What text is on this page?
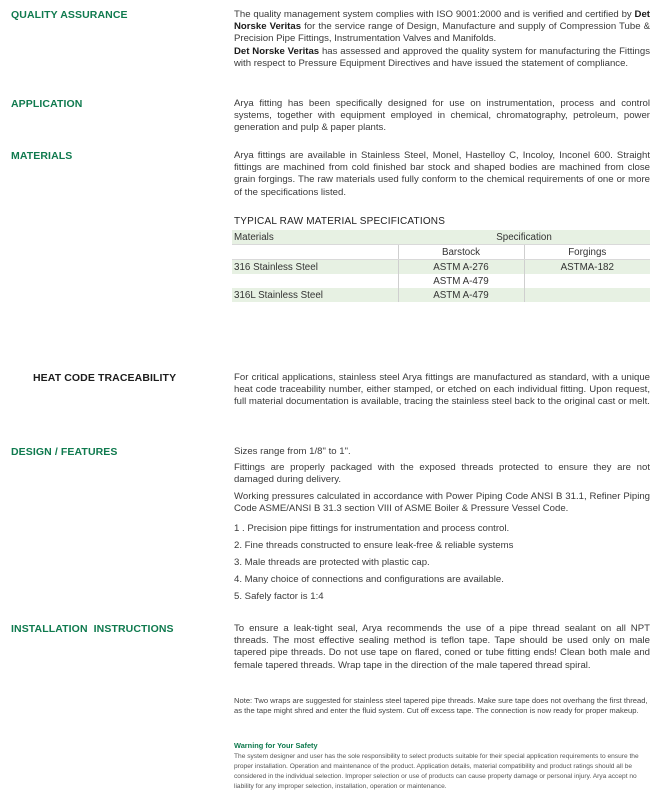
QUALITY ASSURANCE	The quality management system complies with ISO 9001:2000 and is verified and certified by Det Norske Veritas for the service range of Design, Manufacture and supply of Compression Tube & Precision Pipe Fittings, Instrumentation Valves and Manifolds.
Det Norske Veritas has assessed and approved the quality system for manufacturing the Fittings with respect to Pressure Equipment Directives and have issued the statement of compliance.
APPLICATION	Arya fitting has been specifically designed for use on instrumentation, process and control systems, together with equipment employed in chemical, chromatography, petroleum, power generation and pulp & paper plants.
MATERIALS	Arya fittings are available in Stainless Steel, Monel, Hastelloy C, Incoloy, Inconel 600. Straight fittings are machined from cold finished bar stock and shaped bodies are machined from close grain forgings. The raw materials used fully conform to the chemical requirements of one or more of the specifications listed.
TYPICAL RAW MATERIAL SPECIFICATIONS
Materials	Specification	
	Barstock	Forgings
316 Stainless Steel	ASTM A-276	ASTMA-182
	ASTM A-479	
316L Stainless Steel	ASTM A-479	
HEAT CODE TRACEABILITY	For critical applications, stainless steel Arya fittings are manufactured as standard, with a unique heat code traceability number, either stamped, or etched on each individual fitting. Upon request, full material documentation is available, tracing the stainless steel back to the original cast or melt.
DESIGN / FEATURES	Sizes range from 1/8" to 1".
Fittings are properly packaged with the exposed threads protected to ensure they are not damaged during delivery.
Working pressures calculated in accordance with Power Piping Code ANSI B 31.1, Refiner Piping Code ASME/ANSI B 31.3 section VIII of ASME Boiler & Pressure Vessel Code.
1 . Precision pipe fittings for instrumentation and process control.
2. Fine threads constructed to ensure leak-free & reliable systems
3. Male threads are protected with plastic cap.
4. Many choice of connections and configurations are available.
5. Safely factor is 1:4
INSTALLATION  INSTRUCTIONS	To ensure a leak-tight seal, Arya recommends the use of a pipe thread sealant on all NPT threads. The most effective sealing method is teflon tape. Tape should be used only on male tapered pipe threads. Do not use tape on flared, coned or tube fitting ends! Clean both male and female tapered threads. Wrap tape in the direction of the male tapered thread spiral.
Note: Two wraps are suggested for stainless steel tapered pipe threads. Make sure tape does not overhang the first thread, as the tape might shred and enter the fluid system. Cut off excess tape. The connection is now ready for proper makeup.
Warning for Your Safety
The system designer and user has the sole responsibility to select products suitable for their special application requirements to ensure the proper installation. Operation and maintenance of the product. Application details, material compatibility and product ratings should all be considered in the individual selection. Improper selection or use of products can cause property damage or personal injury. Arya accept no liability for any improper selection, installation, operation or maintenance.
